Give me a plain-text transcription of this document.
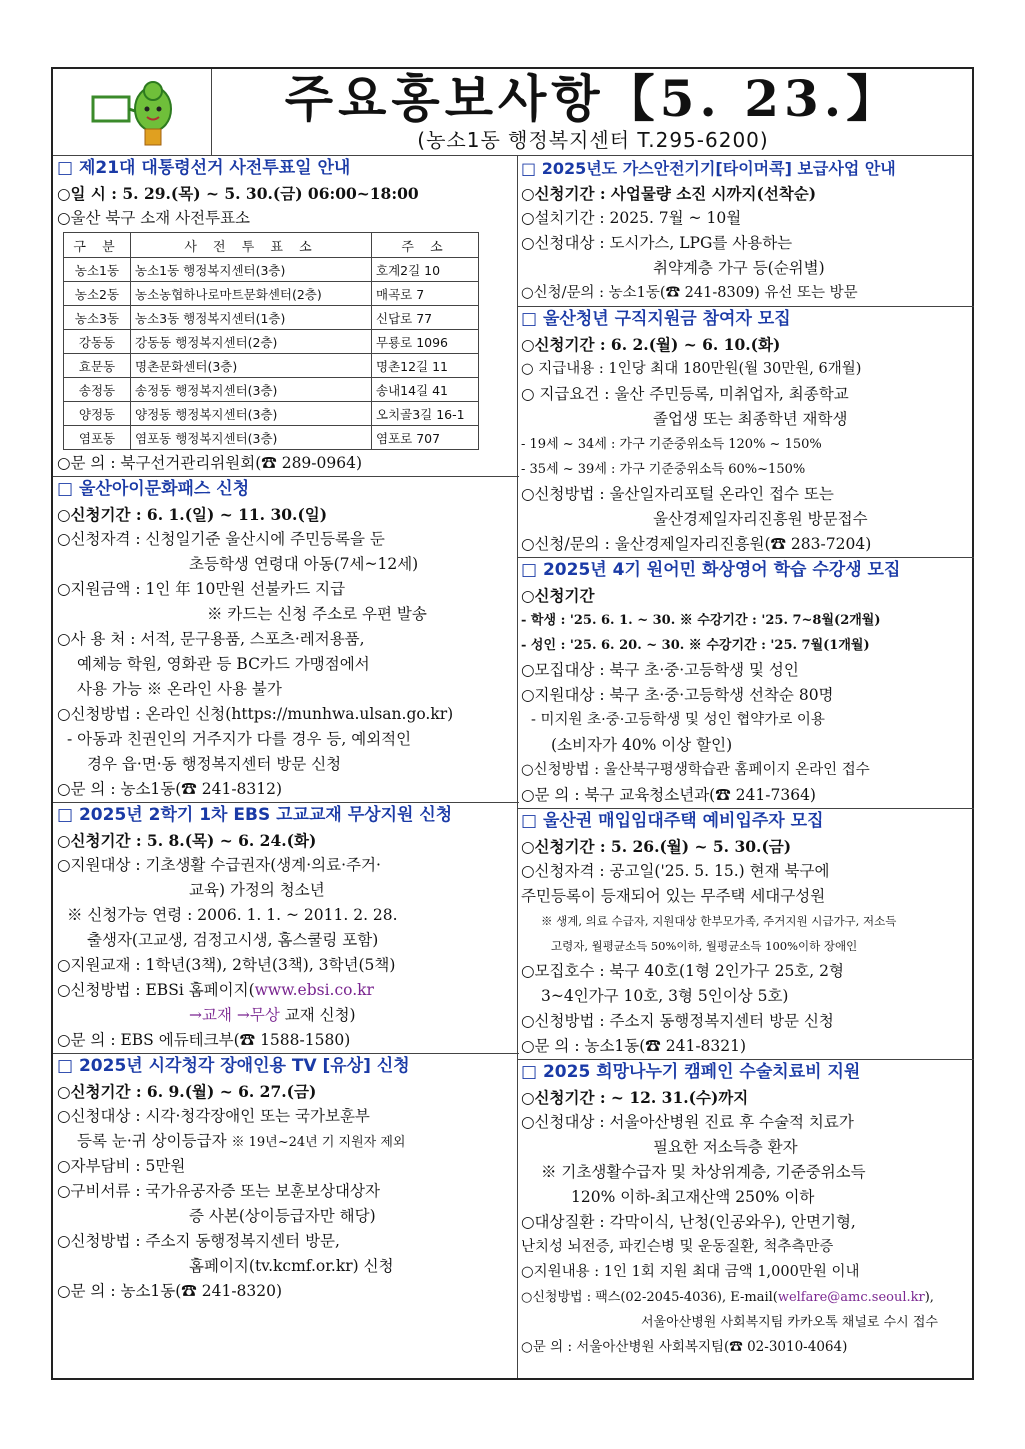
주요홍보사항【5. 23.】
(농소1동 행정복지센터 T.295-6200)
□ 제21대 대통령선거 사전투표일 안내
○일 시 : 5. 29.(목) ~ 5. 30.(금) 06:00~18:00
○울산 북구 소재 사전투표소
구 분	사 전 투 표 소	주 소
농소1동	농소1동 행정복지센터(3층)	호계2길 10
농소2동	농소농협하나로마트문화센터(2층)	매곡로 7
농소3동	농소3동 행정복지센터(1층)	신답로 77
강동동	강동동 행정복지센터(2층)	무룡로 1096
효문동	명촌문화센터(3층)	명촌12길 11
송정동	송정동 행정복지센터(3층)	송내14길 41
양정동	양정동 행정복지센터(3층)	오치골3길 16-1
염포동	염포동 행정복지센터(3층)	염포로 707
○문 의 : 북구선거관리위원회(☎ 289-0964)
□ 울산아이문화패스 신청
○신청기간 : 6. 1.(일) ~ 11. 30.(일)
○신청자격 : 신청일기준 울산시에 주민등록을 둔
초등학생 연령대 아동(7세~12세)
○지원금액 : 1인 年 10만원 선불카드 지급
※ 카드는 신청 주소로 우편 발송
○사 용 처 : 서적, 문구용품, 스포츠·레저용품,
예체능 학원, 영화관 등 BC카드 가맹점에서
사용 가능 ※ 온라인 사용 불가
○신청방법 : 온라인 신청(https://munhwa.ulsan.go.kr)
- 아동과 친권인의 거주지가 다를 경우 등, 예외적인
경우 읍·면·동 행정복지센터 방문 신청
○문 의 : 농소1동(☎ 241-8312)
□ 2025년 2학기 1차 EBS 고교교재 무상지원 신청
○신청기간 : 5. 8.(목) ~ 6. 24.(화)
○지원대상 : 기초생활 수급권자(생계·의료·주거·
교육) 가정의 청소년
※ 신청가능 연령 : 2006. 1. 1. ~ 2011. 2. 28.
출생자(고교생, 검정고시생, 홈스쿨링 포함)
○지원교재 : 1학년(3책), 2학년(3책), 3학년(5책)
○신청방법 : EBSi 홈페이지(www.ebsi.co.kr
→교재 →무상 교재 신청)
○문 의 : EBS 에듀테크부(☎ 1588-1580)
□ 2025년 시각청각 장애인용 TV [유상] 신청
○신청기간 : 6. 9.(월) ~ 6. 27.(금)
○신청대상 : 시각·청각장애인 또는 국가보훈부
등록 눈·귀 상이등급자 ※ 19년~24년 기 지원자 제외
○자부담비 : 5만원
○구비서류 : 국가유공자증 또는 보훈보상대상자
증 사본(상이등급자만 해당)
○신청방법 : 주소지 동행정복지센터 방문,
홈페이지(tv.kcmf.or.kr) 신청
○문 의 : 농소1동(☎ 241-8320)
□ 2025년도 가스안전기기[타이머콕] 보급사업 안내
○신청기간 : 사업물량 소진 시까지(선착순)
○설치기간 : 2025. 7월 ~ 10월
○신청대상 : 도시가스, LPG를 사용하는
취약계층 가구 등(순위별)
○신청/문의 : 농소1동(☎ 241-8309) 유선 또는 방문
□ 울산청년 구직지원금 참여자 모집
○신청기간 : 6. 2.(월) ~ 6. 10.(화)
○ 지급내용 : 1인당 최대 180만원(월 30만원, 6개월)
○ 지급요건 : 울산 주민등록, 미취업자, 최종학교
졸업생 또는 최종학년 재학생
- 19세 ~ 34세 : 가구 기준중위소득 120% ~ 150%
- 35세 ~ 39세 : 가구 기준중위소득 60%~150%
○신청방법 : 울산일자리포털 온라인 접수 또는
울산경제일자리진흥원 방문접수
○신청/문의 : 울산경제일자리진흥원(☎ 283-7204)
□ 2025년 4기 원어민 화상영어 학습 수강생 모집
○신청기간
- 학생 : '25. 6. 1. ~ 30. ※ 수강기간 : '25. 7~8월(2개월)
- 성인 : '25. 6. 20. ~ 30. ※ 수강기간 : '25. 7월(1개월)
○모집대상 : 북구 초·중·고등학생 및 성인
○지원대상 : 북구 초·중·고등학생 선착순 80명
- 미지원 초·중·고등학생 및 성인 협약가로 이용
(소비자가 40% 이상 할인)
○신청방법 : 울산북구평생학습관 홈페이지 온라인 접수
○문 의 : 북구 교육청소년과(☎ 241-7364)
□ 울산권 매입임대주택 예비입주자 모집
○신청기간 : 5. 26.(월) ~ 5. 30.(금)
○신청자격 : 공고일('25. 5. 15.) 현재 북구에
주민등록이 등재되어 있는 무주택 세대구성원
※ 생계, 의료 수급자, 지원대상 한부모가족, 주거지원 시급가구, 저소득
고령자, 월평균소득 50%이하, 월평균소득 100%이하 장애인
○모집호수 : 북구 40호(1형 2인가구 25호, 2형
3~4인가구 10호, 3형 5인이상 5호)
○신청방법 : 주소지 동행정복지센터 방문 신청
○문 의 : 농소1동(☎ 241-8321)
□ 2025 희망나누기 캠페인 수술치료비 지원
○신청기간 : ~ 12. 31.(수)까지
○신청대상 : 서울아산병원 진료 후 수술적 치료가
필요한 저소득층 환자
※ 기초생활수급자 및 차상위계층, 기준중위소득
120% 이하-최고재산액 250% 이하
○대상질환 : 각막이식, 난청(인공와우), 안면기형,
난치성 뇌전증, 파킨슨병 및 운동질환, 척추측만증
○지원내용 : 1인 1회 지원 최대 금액 1,000만원 이내
○신청방법 : 팩스(02-2045-4036), E-mail(welfare@amc.seoul.kr),
서울아산병원 사회복지팀 카카오톡 채널로 수시 접수
○문 의 : 서울아산병원 사회복지팀(☎ 02-3010-4064)
